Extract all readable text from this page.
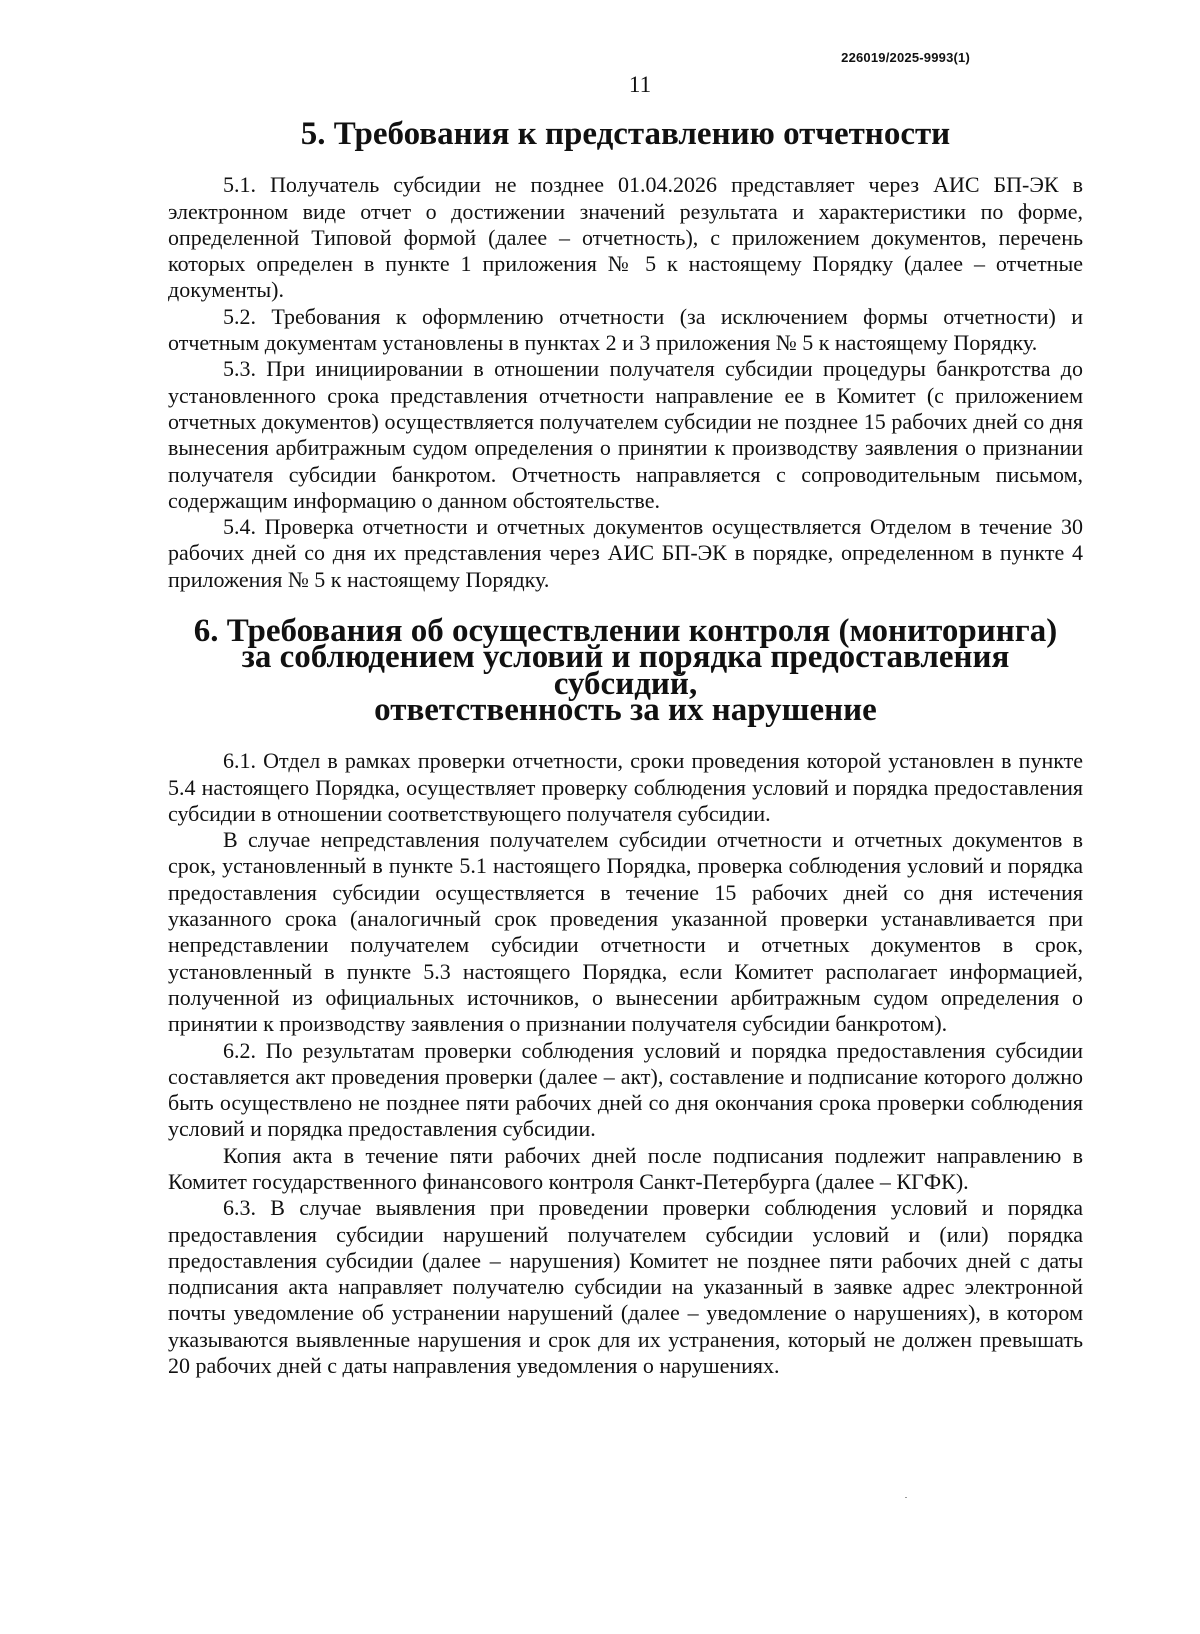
226019/2025-9993(1)
11
5. Требования к представлению отчетности

5.1. Получатель субсидии не позднее 01.04.2026 представляет через АИС БП-ЭК в электронном виде отчет о достижении значений результата и характеристики по форме, определенной Типовой формой (далее – отчетность), с приложением документов, перечень которых определен в пункте 1 приложения № 5 к настоящему Порядку (далее – отчетные документы).

5.2. Требования к оформлению отчетности (за исключением формы отчетности) и отчетным документам установлены в пунктах 2 и 3 приложения № 5 к настоящему Порядку.

5.3. При инициировании в отношении получателя субсидии процедуры банкротства до установленного срока представления отчетности направление ее в Комитет (с приложением отчетных документов) осуществляется получателем субсидии не позднее 15 рабочих дней со дня вынесения арбитражным судом определения о принятии к производству заявления о признании получателя субсидии банкротом. Отчетность направляется с сопроводительным письмом, содержащим информацию о данном обстоятельстве.

5.4. Проверка отчетности и отчетных документов осуществляется Отделом в течение 30 рабочих дней со дня их представления через АИС БП-ЭК в порядке, определенном в пункте 4 приложения № 5 к настоящему Порядку.

6. Требования об осуществлении контроля (мониторинга)
за соблюдением условий и порядка предоставления субсидий,
ответственность за их нарушение

6.1. Отдел в рамках проверки отчетности, сроки проведения которой установлен в пункте 5.4 настоящего Порядка, осуществляет проверку соблюдения условий и порядка предоставления субсидии в отношении соответствующего получателя субсидии.

В случае непредставления получателем субсидии отчетности и отчетных документов в срок, установленный в пункте 5.1 настоящего Порядка, проверка соблюдения условий и порядка предоставления субсидии осуществляется в течение 15 рабочих дней со дня истечения указанного срока (аналогичный срок проведения указанной проверки устанавливается при непредставлении получателем субсидии отчетности и отчетных документов в срок, установленный в пункте 5.3 настоящего Порядка, если Комитет располагает информацией, полученной из официальных источников, о вынесении арбитражным судом определения о принятии к производству заявления о признании получателя субсидии банкротом).

6.2. По результатам проверки соблюдения условий и порядка предоставления субсидии составляется акт проведения проверки (далее – акт), составление и подписание которого должно быть осуществлено не позднее пяти рабочих дней со дня окончания срока проверки соблюдения условий и порядка предоставления субсидии.

Копия акта в течение пяти рабочих дней после подписания подлежит направлению в Комитет государственного финансового контроля Санкт-Петербурга (далее – КГФК).

6.3. В случае выявления при проведении проверки соблюдения условий и порядка предоставления субсидии нарушений получателем субсидии условий и (или) порядка предоставления субсидии (далее – нарушения) Комитет не позднее пяти рабочих дней с даты подписания акта направляет получателю субсидии на указанный в заявке адрес электронной почты уведомление об устранении нарушений (далее – уведомление о нарушениях), в котором указываются выявленные нарушения и срок для их устранения, который не должен превышать 20 рабочих дней с даты направления уведомления о нарушениях.
